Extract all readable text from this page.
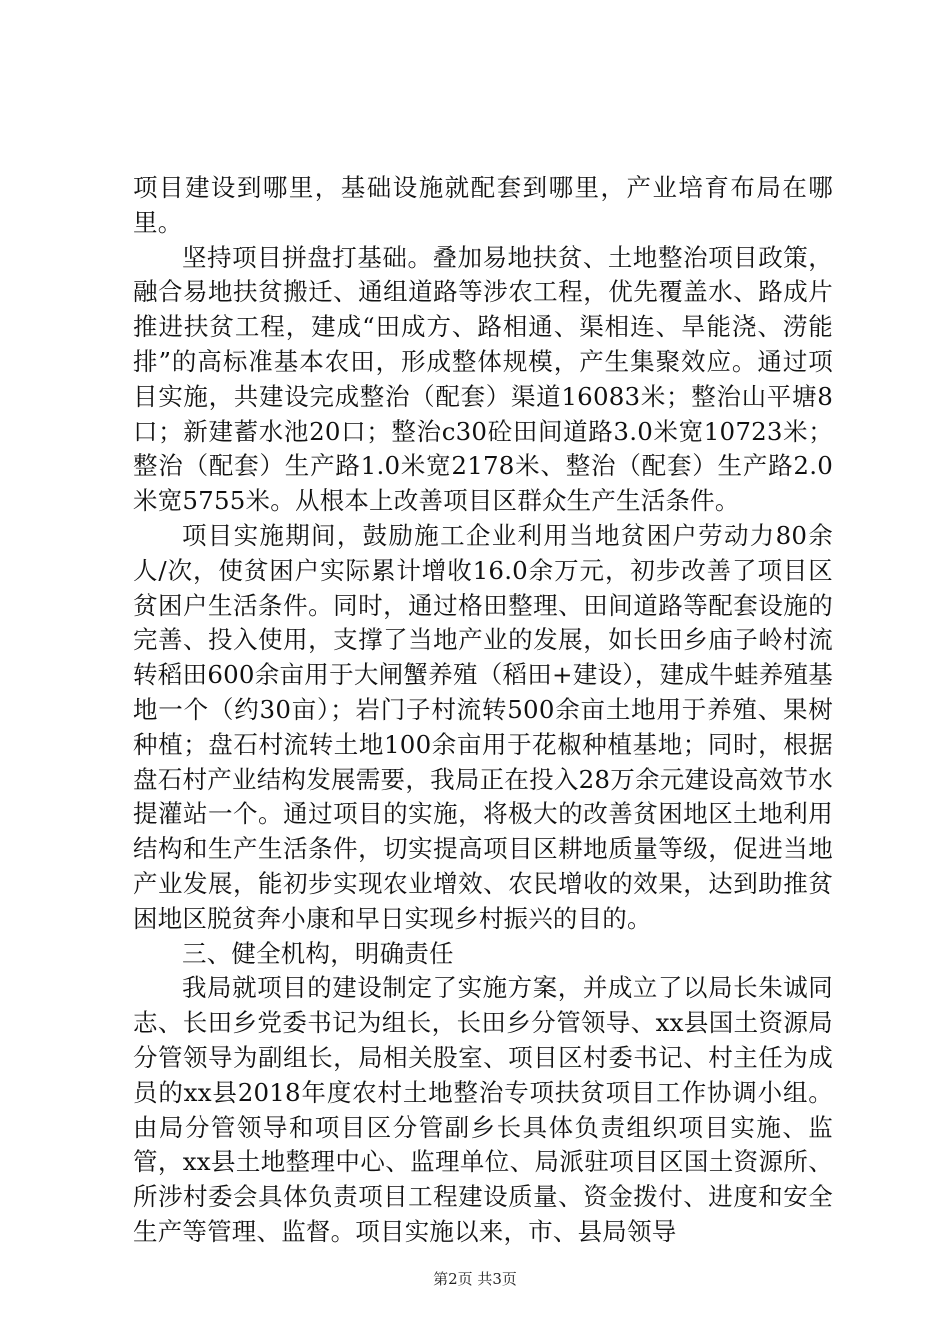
项目建设到哪里，基础设施就配套到哪里，产业培育布局在哪里。

坚持项目拼盘打基础。叠加易地扶贫、土地整治项目政策，融合易地扶贫搬迁、通组道路等涉农工程，优先覆盖水、路成片推进扶贫工程，建成“田成方、路相通、渠相连、旱能浇、涝能排”的高标准基本农田，形成整体规模，产生集聚效应。通过项目实施，共建设完成整治（配套）渠道16083米；整治山平塘8口；新建蓄水池20口；整治c30砼田间道路3.0米宽10723米；整治（配套）生产路1.0米宽2178米、整治（配套）生产路2.0米宽5755米。从根本上改善项目区群众生产生活条件。

项目实施期间，鼓励施工企业利用当地贫困户劳动力80余人/次，使贫困户实际累计增收16.0余万元，初步改善了项目区贫困户生活条件。同时，通过格田整理、田间道路等配套设施的完善、投入使用，支撑了当地产业的发展，如长田乡庙子岭村流转稻田600余亩用于大闸蟹养殖（稻田+建设），建成牛蛙养殖基地一个（约30亩）；岩门子村流转500余亩土地用于养殖、果树种植；盘石村流转土地100余亩用于花椒种植基地；同时，根据盘石村产业结构发展需要，我局正在投入28万余元建设高效节水提灌站一个。通过项目的实施，将极大的改善贫困地区土地利用结构和生产生活条件，切实提高项目区耕地质量等级，促进当地产业发展，能初步实现农业增效、农民增收的效果，达到助推贫困地区脱贫奔小康和早日实现乡村振兴的目的。

三、健全机构，明确责任

我局就项目的建设制定了实施方案，并成立了以局长朱诚同志、长田乡党委书记为组长，长田乡分管领导、xx县国土资源局分管领导为副组长，局相关股室、项目区村委书记、村主任为成员的xx县2018年度农村土地整治专项扶贫项目工作协调小组。由局分管领导和项目区分管副乡长具体负责组织项目实施、监管，xx县土地整理中心、监理单位、局派驻项目区国土资源所、所涉村委会具体负责项目工程建设质量、资金拨付、进度和安全生产等管理、监督。项目实施以来，市、县局领导

第2页 共3页
